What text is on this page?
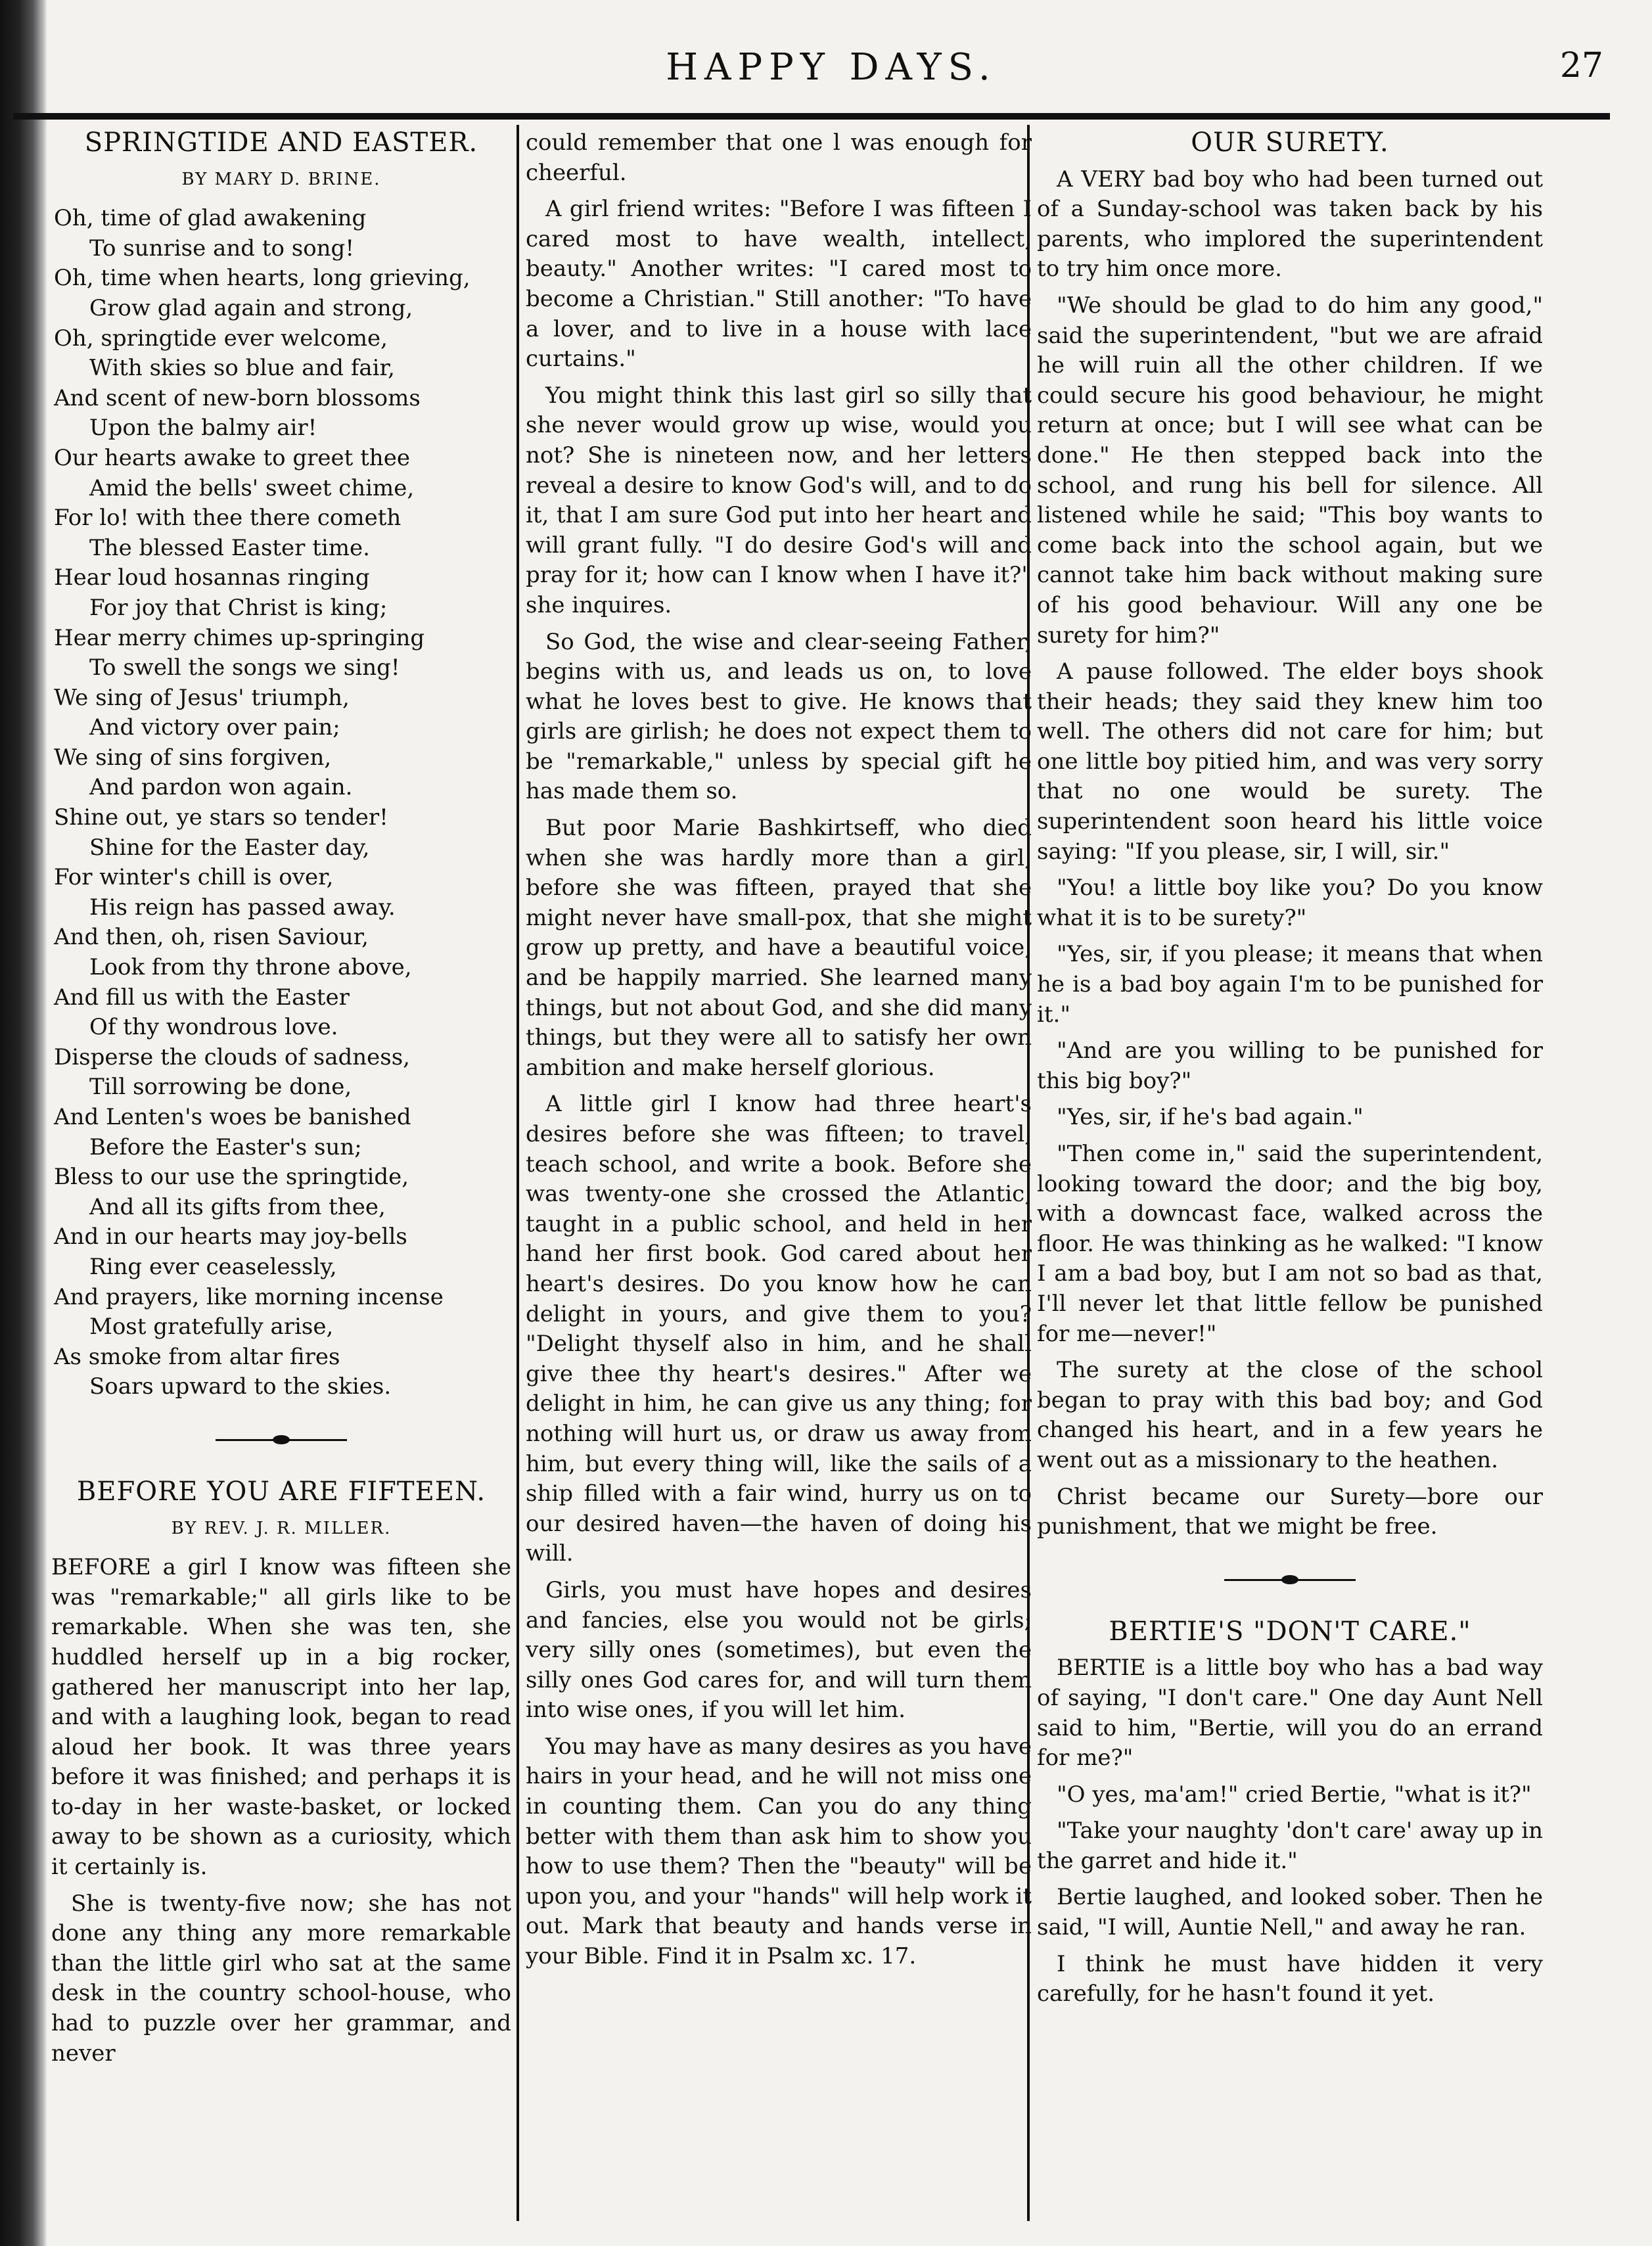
HAPPY DAYS.	27
SPRINGTIDE AND EASTER.
BY MARY D. BRINE.
Oh, time of glad awakening
To sunrise and to song!
Oh, time when hearts, long grieving,
Grow glad again and strong,
Oh, springtide ever welcome,
With skies so blue and fair,
And scent of new-born blossoms
Upon the balmy air!
Our hearts awake to greet thee
Amid the bells' sweet chime,
For lo! with thee there cometh
The blessed Easter time.
Hear loud hosannas ringing
For joy that Christ is king;
Hear merry chimes up-springing
To swell the songs we sing!
We sing of Jesus' triumph,
And victory over pain;
We sing of sins forgiven,
And pardon won again.
Shine out, ye stars so tender!
Shine for the Easter day,
For winter's chill is over,
His reign has passed away.
And then, oh, risen Saviour,
Look from thy throne above,
And fill us with the Easter
Of thy wondrous love.
Disperse the clouds of sadness,
Till sorrowing be done,
And Lenten's woes be banished
Before the Easter's sun;
Bless to our use the springtide,
And all its gifts from thee,
And in our hearts may joy-bells
Ring ever ceaselessly,
And prayers, like morning incense
Most gratefully arise,
As smoke from altar fires
Soars upward to the skies.
BEFORE YOU ARE FIFTEEN.
BY REV. J. R. MILLER.

BEFORE a girl I know was fifteen she was "remarkable;" all girls like to be remarkable. When she was ten, she huddled herself up in a big rocker, gathered her manuscript into her lap, and with a laughing look, began to read aloud her book. It was three years before it was finished; and perhaps it is to-day in her waste-basket, or locked away to be shown as a curiosity, which it certainly is.

She is twenty-five now; she has not done any thing any more remarkable than the little girl who sat at the same desk in the country school-house, who had to puzzle over her grammar, and never

could remember that one l was enough for cheerful.

A girl friend writes: "Before I was fifteen I cared most to have wealth, intellect, beauty." Another writes: "I cared most to become a Christian." Still another: "To have a lover, and to live in a house with lace curtains."

You might think this last girl so silly that she never would grow up wise, would you not? She is nineteen now, and her letters reveal a desire to know God's will, and to do it, that I am sure God put into her heart and will grant fully. "I do desire God's will and pray for it; how can I know when I have it?" she inquires.

So God, the wise and clear-seeing Father, begins with us, and leads us on, to love what he loves best to give. He knows that girls are girlish; he does not expect them to be "remarkable," unless by special gift he has made them so.

But poor Marie Bashkirtseff, who died when she was hardly more than a girl, before she was fifteen, prayed that she might never have small-pox, that she might grow up pretty, and have a beautiful voice, and be happily married. She learned many things, but not about God, and she did many things, but they were all to satisfy her own ambition and make herself glorious.

A little girl I know had three heart's desires before she was fifteen; to travel, teach school, and write a book. Before she was twenty-one she crossed the Atlantic, taught in a public school, and held in her hand her first book. God cared about her heart's desires. Do you know how he can delight in yours, and give them to you? "Delight thyself also in him, and he shall give thee thy heart's desires." After we delight in him, he can give us any thing; for nothing will hurt us, or draw us away from him, but every thing will, like the sails of a ship filled with a fair wind, hurry us on to our desired haven—the haven of doing his will.

Girls, you must have hopes and desires and fancies, else you would not be girls; very silly ones (sometimes), but even the silly ones God cares for, and will turn them into wise ones, if you will let him.

You may have as many desires as you have hairs in your head, and he will not miss one in counting them. Can you do any thing better with them than ask him to show you how to use them? Then the "beauty" will be upon you, and your "hands" will help work it out. Mark that beauty and hands verse in your Bible. Find it in Psalm xc. 17.

OUR SURETY.

A VERY bad boy who had been turned out of a Sunday-school was taken back by his parents, who implored the superintendent to try him once more.

"We should be glad to do him any good," said the superintendent, "but we are afraid he will ruin all the other children. If we could secure his good behaviour, he might return at once; but I will see what can be done." He then stepped back into the school, and rung his bell for silence. All listened while he said; "This boy wants to come back into the school again, but we cannot take him back without making sure of his good behaviour. Will any one be surety for him?"

A pause followed. The elder boys shook their heads; they said they knew him too well. The others did not care for him; but one little boy pitied him, and was very sorry that no one would be surety. The superintendent soon heard his little voice saying: "If you please, sir, I will, sir."

"You! a little boy like you? Do you know what it is to be surety?"

"Yes, sir, if you please; it means that when he is a bad boy again I'm to be punished for it."

"And are you willing to be punished for this big boy?"

"Yes, sir, if he's bad again."

"Then come in," said the superintendent, looking toward the door; and the big boy, with a downcast face, walked across the floor. He was thinking as he walked: "I know I am a bad boy, but I am not so bad as that, I'll never let that little fellow be punished for me—never!"

The surety at the close of the school began to pray with this bad boy; and God changed his heart, and in a few years he went out as a missionary to the heathen.

Christ became our Surety—bore our punishment, that we might be free.

BERTIE'S "DON'T CARE."

BERTIE is a little boy who has a bad way of saying, "I don't care." One day Aunt Nell said to him, "Bertie, will you do an errand for me?"

"O yes, ma'am!" cried Bertie, "what is it?"

"Take your naughty 'don't care' away up in the garret and hide it."

Bertie laughed, and looked sober. Then he said, "I will, Auntie Nell," and away he ran.

I think he must have hidden it very carefully, for he hasn't found it yet.
